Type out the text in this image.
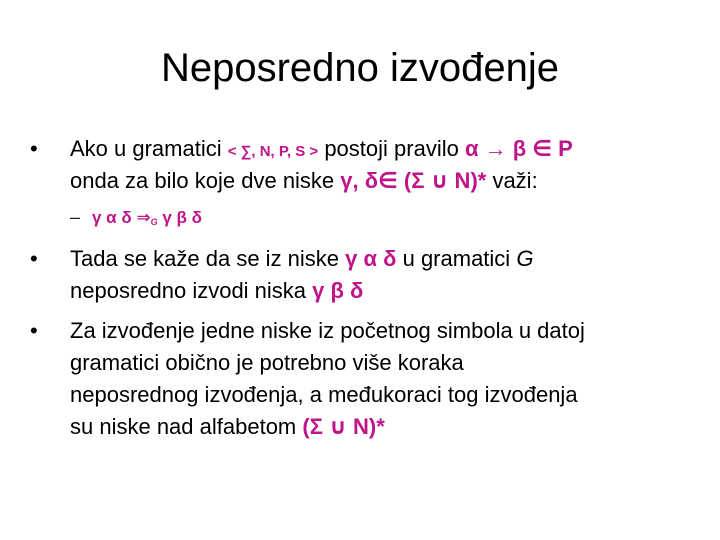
Neposredno izvođenje
• Ako u gramatici < ∑, N, P, S > postoji pravilo α → β ∈ P
onda za bilo koje dve niske γ, δ∈ (Σ ∪ N)* važi:
– γ α δ ⇒G γ β δ
• Tada se kaže da se iz niske γ α δ u gramatici G
neposredno izvodi niska γ β δ
• Za izvođenje jedne niske iz početnog simbola u datoj
gramatici obično je potrebno više koraka
neposrednog izvođenja, a međukoraci tog izvođenja
su niske nad alfabetom (Σ ∪ N)*
